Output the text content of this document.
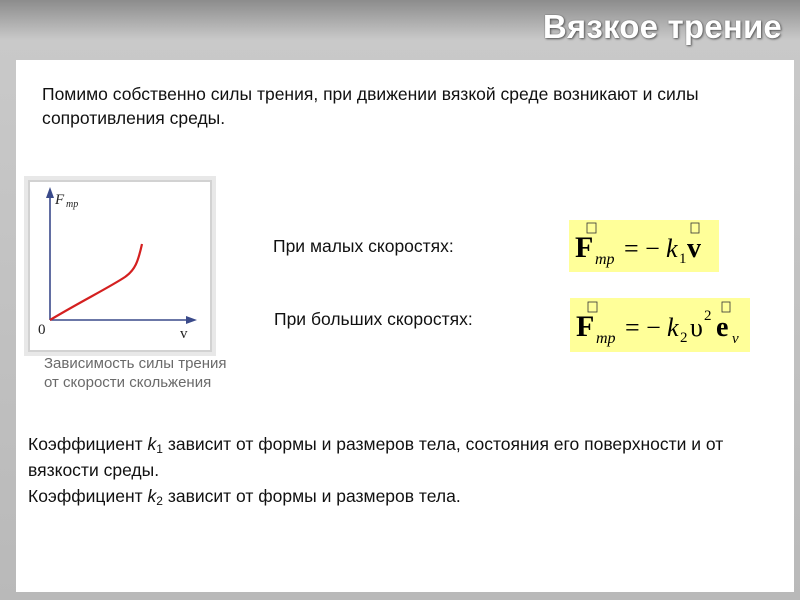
Вязкое трение
Помимо собственно силы трения, при движении вязкой среде возникают и силы сопротивления среды.
F mp
v
0
Зависимость силы трения
от скорости скольжения
При малых скоростях:
При больших скоростях:
F mp = − k 1 v
F mp = − k 2 υ 2 e v
Коэффициент $k_1$ зависит от формы и размеров тела, состояния его поверхности и от вязкости среды.
Коэффициент $k_2$ зависит от формы и размеров тела.
